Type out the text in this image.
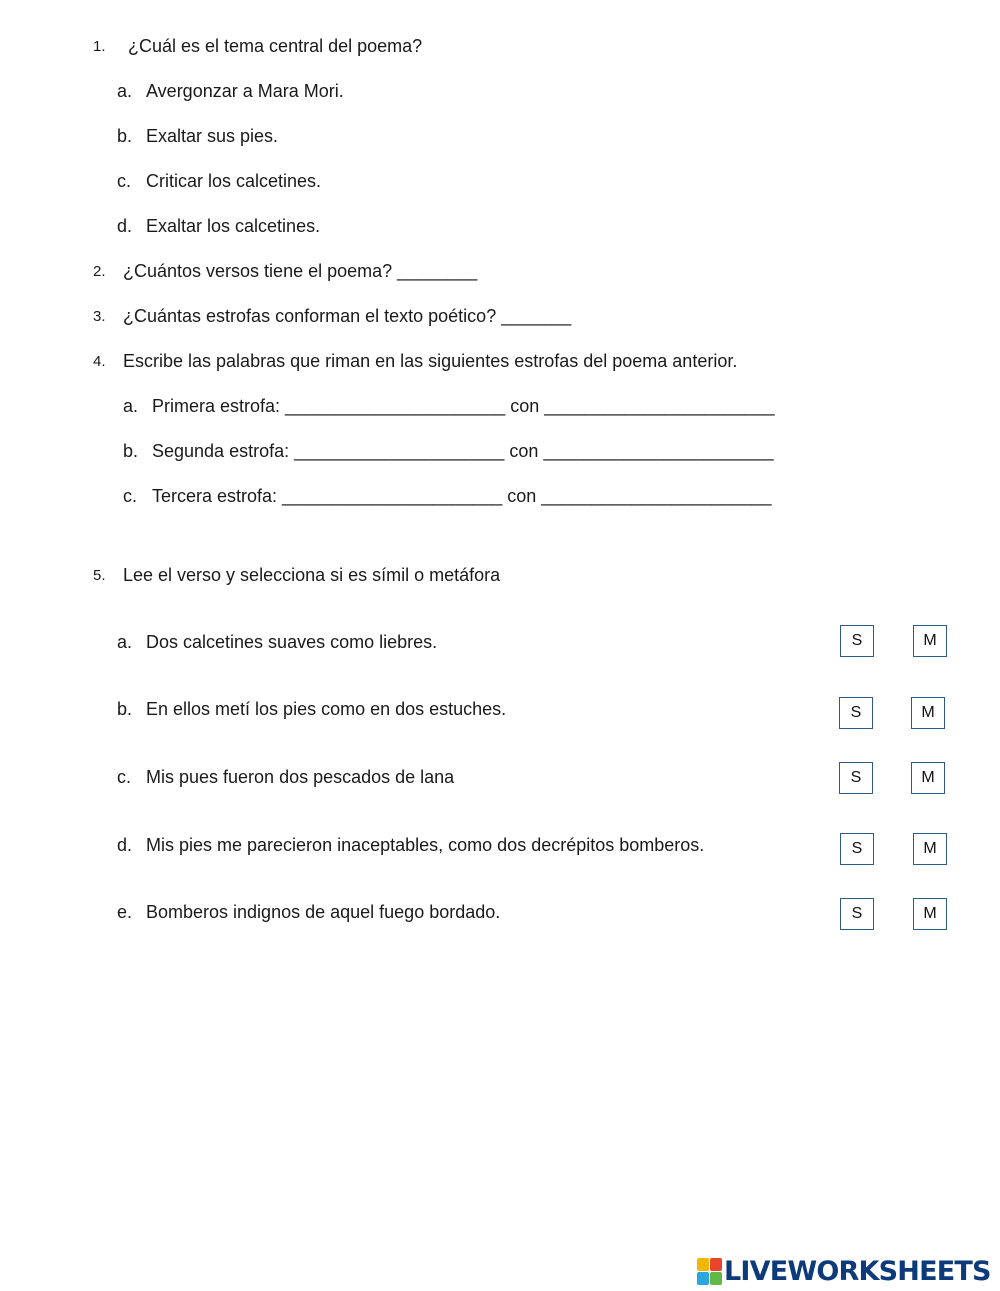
1. ¿Cuál es el tema central del poema?
a. Avergonzar a Mara Mori.
b. Exaltar sus pies.
c. Criticar los calcetines.
d. Exaltar los calcetines.
2. ¿Cuántos versos tiene el poema? ________
3. ¿Cuántas estrofas conforman el texto poético? _______
4. Escribe las palabras que riman en las siguientes estrofas del poema anterior.
a. Primera estrofa: ______________________ con _______________________
b. Segunda estrofa: _____________________ con _______________________
c. Tercera estrofa: ______________________ con _______________________
5. Lee el verso y selecciona si es símil o metáfora
a. Dos calcetines suaves como liebres.	S	M
b. En ellos metí los pies como en dos estuches.	S	M
c. Mis pues fueron dos pescados de lana	S	M
d. Mis pies me parecieron inaceptables, como dos decrépitos bomberos.	S	M
e. Bomberos indignos de aquel fuego bordado.	S	M
LIVEWORKSHEETS
